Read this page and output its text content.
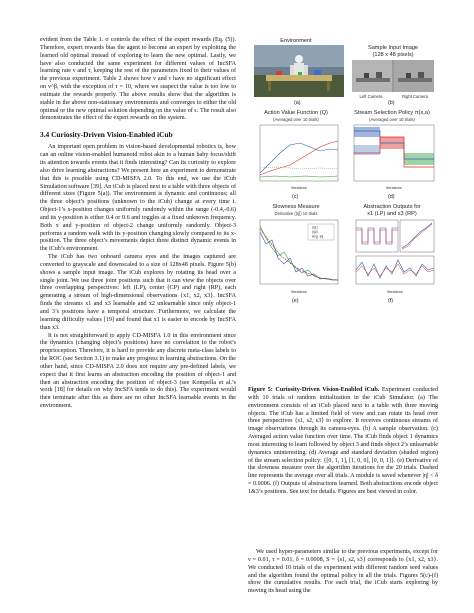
evident from the Table 1. σ controls the effect of the expert rewards (Eq. (5)). Therefore, expert rewards bias the agent to become an expert by exploiting the learned old optimal instead of exploring to learn the new optimal. Lastly, we have also conducted the same experiment for different values of IncSFA learning rate ν and τ, keeping the rest of the parameters fixed to their values of the previous experiment. Table 2 shows how ν and τ have no significant effect on v^β, with the exception of τ = 10, where we suspect the value is too low to estimate the rewards properly. The above results show that the algorithm is stable in the above non-stationary environments and converges to either the old optimal or the new optimal solution depending on the value of ϵ. The result also demonstrates the effect of the expert rewards on the system.

3.4 Curiosity-Driven Vision-Enabled iCub

An important open problem in vision-based developmental robotics is, how can an online vision-enabled humanoid robot akin to a human baby focus/shift its attention towards events that it finds interesting? Can its curiosity to explore also drive learning abstractions? We present here an experiment to demonstrate that this is possible using CD-MISFA 2.0. To this end, we use the iCub Simulation software [39]. An iCub is placed next to a table with three objects of different sizes (Figure 5(a)). The environment is dynamic and continuous; all the three object’s positions (unknown to the iCub) change at every time t. Object-1’s x-position changes uniformly randomly within the range (-0.4,-0.6) and its y-position is either 0.4 or 0.6 and toggles at a fixed unknown frequency. Both x and y-position of object-2 change uniformly randomly. Object-3 performs a random walk with its y-position changing slowly compared to its x-position. The three object’s movements depict three distinct dynamic events in the iCub’s environment.

The iCub has two onboard camera eyes and the images captured are converted to grayscale and downscaled to a size of 128x48 pixels. Figure 5(b) shows a sample input image. The iCub explores by rotating its head over a single joint. We use three joint positions such that it can view the objects over three overlapping perspectives: left (LP), center (CP) and right (RP), each generating a stream of high-dimensional observations {x1, x2, x3}. IncSFA finds the streams x1 and x3 learnable and x2 unlearnable since only object-1 and 3’s positions have a temporal structure. Furthermore, we calculate the learning difficulty values [19] and found that x1 is easier to encode by IncSFA than x3.

It is not straightforward to apply CD-MISFA 1.0 in this environment since the dynamics (changing object’s positions) have no correlation to the robot’s proprioception. Therefore, it is hard to provide any discrete meta-class labels to the ROC (see Section 3.1) to make any progress in learning abstractions. On the other hand, since CD-MISFA 2.0 does not require any pre-defined labels, we expect that it first learns an abstraction encoding the position of object-1 and then an abstraction encoding the position of object-3 (see Kompella et al.’s work [18] for details on why IncSFA tends to do this). The experiment would then terminate after this as there are no other IncSFA learnable events in the environment.

Environment
(a)
Sample Input Image
(128 x 48 pixels)
Left Camera	Right Camera
(b)
Action Value Function (Q)
(Averaged over 10 trials)
Iterations
(c)
Stream Selection Policy π(x,a)
(Averaged over 10 trials)
Iterations
(d)
Slowness Measure
Derivative (|η̇|) 10 trials
|η̇1|
|η̇2|
Avg. |η̇|
Iterations
(e)
Abstraction Outputs for
x1 (LP) and x3 (RP)
Iterations
(f)

Figure 5: Curiosity-Driven Vision-Enabled iCub. Experiment conducted with 10 trials of random initialization in the iCub Simulator. (a) The environment consists of an iCub placed next to a table with three moving objects. The iCub has a limited field of view and can rotate its head over three perspectives {s1, s2, s3} to explore. It receives continuous streams of image observations through its camera-eyes. (b) A sample observation. (c) Averaged action value function over time. The iCub finds object 1 dynamics most interesting to learn followed by object 3 and finds object 2’s unlearnable dynamics uninteresting. (d) Average and standard deviation (shaded region) of the stream selection policy: {[0, 1, 1], [1, 0, 0], [0, 0, 1]}. (e) Derivative of the slowness measure over the algorithm iterations for the 20 trials. Dashed line represents the average over all trials. A module is saved whenever |η̇| < δ = 0.0006. (f) Outputs of abstractions learned. Both abstractions encode object 1&3’s positions. See text for details. Figures are best viewed in color.

We used hyper-parameters similar to the previous experiments, except for ν = 0.01, τ = 0.01, δ = 0.0008, S = {s1, s2, s3} corresponds to {x1, x2, x3}. We conducted 10 trials of the experiment with different random seed values and the algorithm found the optimal policy in all the trials. Figures 5(c)-(f) show the cumulative results. For each trial, the iCub starts exploring by moving its head using the
